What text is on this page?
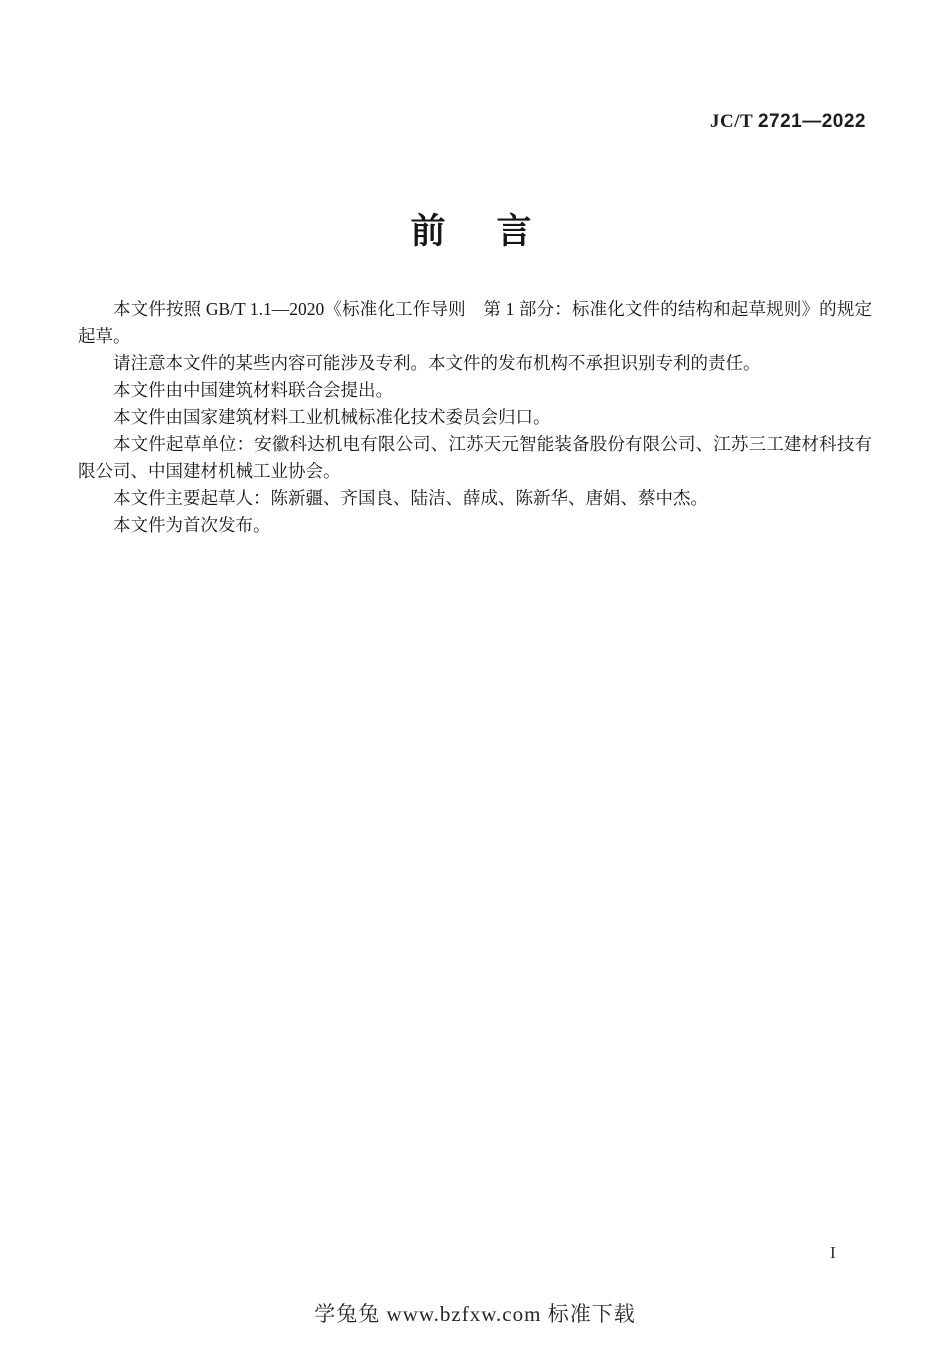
JC/T 2721—2022
前　言

本文件按照 GB/T 1.1—2020《标准化工作导则　第 1 部分：标准化文件的结构和起草规则》的规定起草。

请注意本文件的某些内容可能涉及专利。本文件的发布机构不承担识别专利的责任。

本文件由中国建筑材料联合会提出。

本文件由国家建筑材料工业机械标准化技术委员会归口。

本文件起草单位：安徽科达机电有限公司、江苏天元智能装备股份有限公司、江苏三工建材科技有限公司、中国建材机械工业协会。

本文件主要起草人：陈新疆、齐国良、陆洁、薛成、陈新华、唐娟、蔡中杰。

本文件为首次发布。

I
学兔兔 www.bzfxw.com 标准下载
